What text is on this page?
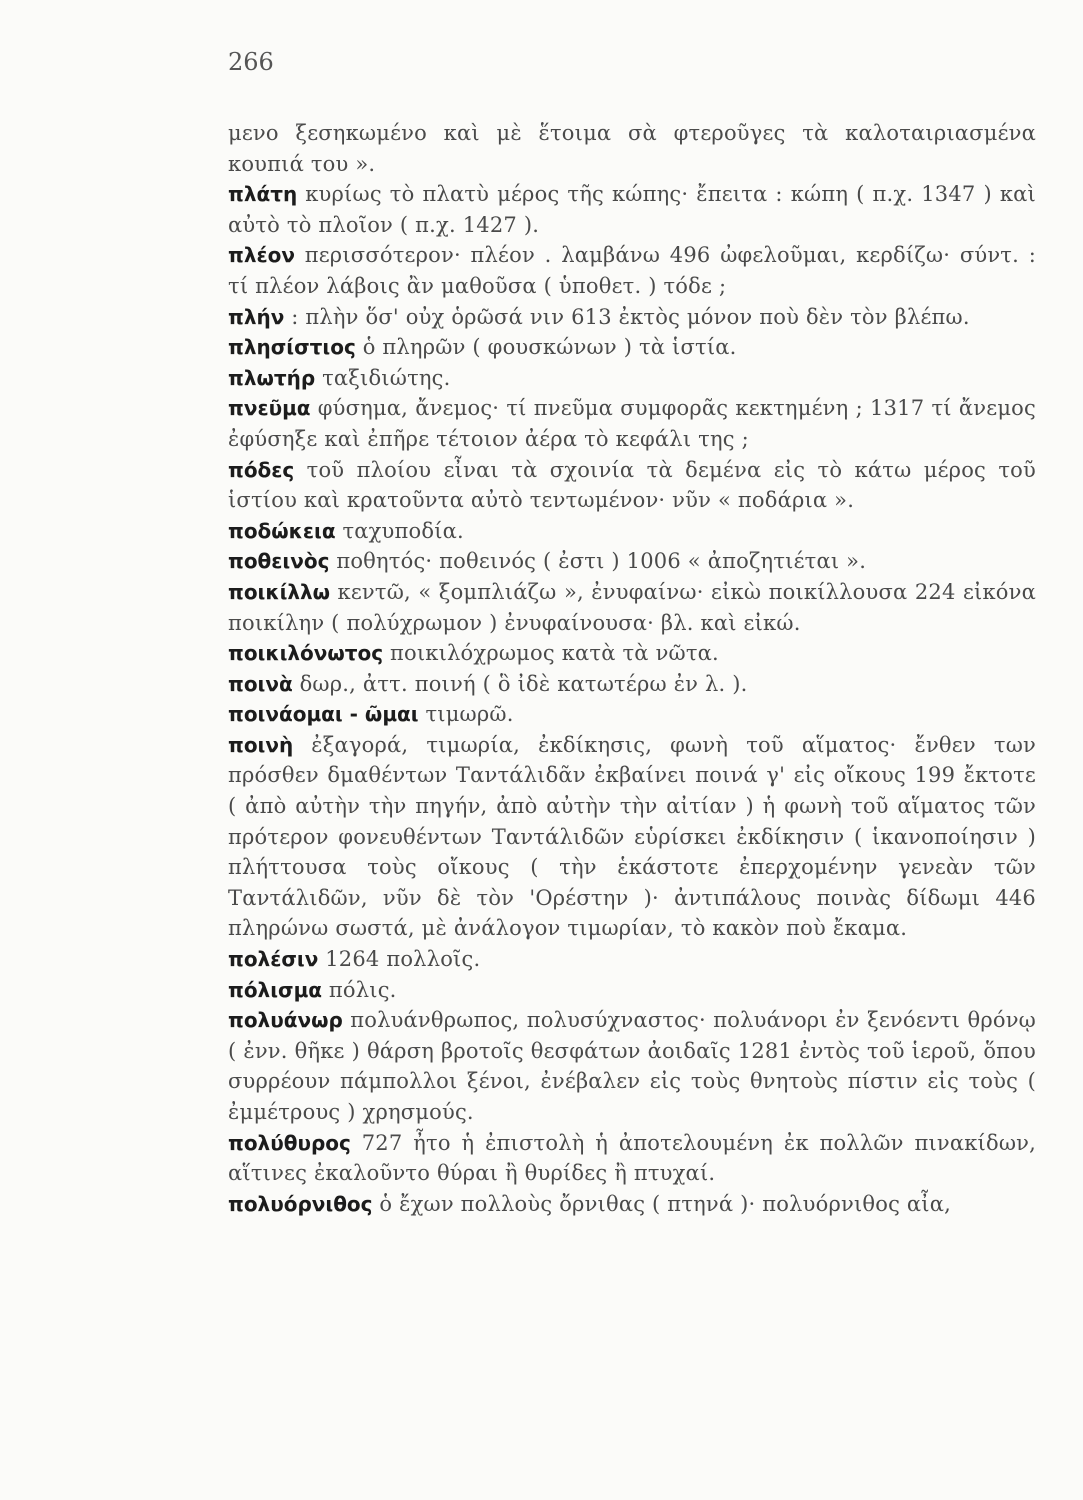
266

μενο ξεσηκωμένο καὶ μὲ ἕτοιμα σὰ φτεροῦγες τὰ καλοταιριασμένα κουπιά του ».

πλάτη κυρίως τὸ πλατὺ μέρος τῆς κώπης· ἔπειτα : κώπη ( π.χ. 1347 ) καὶ αὐτὸ τὸ πλοῖον ( π.χ. 1427 ).

πλέον περισσότερον· πλέον . λαμβάνω 496 ὠφελοῦμαι, κερδίζω· σύντ. : τί πλέον λάβοις ἂν μαθοῦσα ( ὑποθετ. ) τόδε ;

πλήν : πλὴν ὅσ' οὐχ ὁρῶσά νιν 613 ἐκτὸς μόνον ποὺ δὲν τὸν βλέπω.

πλησίστιος ὁ πληρῶν ( φουσκώνων ) τὰ ἱστία.

πλωτήρ ταξιδιώτης.

πνεῦμα φύσημα, ἄνεμος· τί πνεῦμα συμφορᾶς κεκτημένη ; 1317 τί ἄνεμος ἐφύσηξε καὶ ἐπῆρε τέτοιον ἀέρα τὸ κεφάλι της ;

πόδες τοῦ πλοίου εἶναι τὰ σχοινία τὰ δεμένα εἰς τὸ κάτω μέρος τοῦ ἱστίου καὶ κρατοῦντα αὐτὸ τεντωμένον· νῦν « ποδάρια ».

ποδώκεια ταχυποδία.

ποθεινὸς ποθητός· ποθεινός ( ἐστι ) 1006 « ἀποζητιέται ».

ποικίλλω κεντῶ, « ξομπλιάζω », ἐνυφαίνω· εἰκὼ ποικίλλουσα 224 εἰκόνα ποικίλην ( πολύχρωμον ) ἐνυφαίνουσα· βλ. καὶ εἰκώ.

ποικιλόνωτος ποικιλόχρωμος κατὰ τὰ νῶτα.

ποινὰ δωρ., ἀττ. ποινή ( ὃ ἰδὲ κατωτέρω ἐν λ. ).

ποινάομαι - ῶμαι τιμωρῶ.

ποινὴ ἐξαγορά, τιμωρία, ἐκδίκησις, φωνὴ τοῦ αἵματος· ἔνθεν των πρόσθεν δμαθέντων Ταντάλιδᾶν ἐκβαίνει ποινά γ' εἰς οἴκους 199 ἔκτοτε ( ἀπὸ αὐτὴν τὴν πηγήν, ἀπὸ αὐτὴν τὴν αἰτίαν ) ἡ φωνὴ τοῦ αἵματος τῶν πρότερον φονευθέντων Ταντάλιδῶν εὑρίσκει ἐκδίκησιν ( ἱκανοποίησιν ) πλήττουσα τοὺς οἴκους ( τὴν ἑκάστοτε ἐπερχομένην γενεὰν τῶν Ταντάλιδῶν, νῦν δὲ τὸν 'Ορέστην )· ἀντιπάλους ποινὰς δίδωμι 446 πληρώνω σωστά, μὲ ἀνάλογον τιμωρίαν, τὸ κακὸν ποὺ ἔκαμα.

πολέσιν 1264 πολλοῖς.

πόλισμα πόλις.

πολυάνωρ πολυάνθρωπος, πολυσύχναστος· πολυάνορι ἐν ξενόεντι θρόνῳ ( ἐνν. θῆκε ) θάρση βροτοῖς θεσφάτων ἀοιδαῖς 1281 ἐντὸς τοῦ ἱεροῦ, ὅπου συρρέουν πάμπολλοι ξένοι, ἐνέβαλεν εἰς τοὺς θνητοὺς πίστιν εἰς τοὺς ( ἐμμέτρους ) χρησμούς.

πολύθυρος 727 ἦτο ἡ ἐπιστολὴ ἡ ἀποτελουμένη ἐκ πολλῶν πινακίδων, αἵτινες ἐκαλοῦντο θύραι ἢ θυρίδες ἢ πτυχαί.

πολυόρνιθος ὁ ἔχων πολλοὺς ὄρνιθας ( πτηνά )· πολυόρνιθος αἶα,
